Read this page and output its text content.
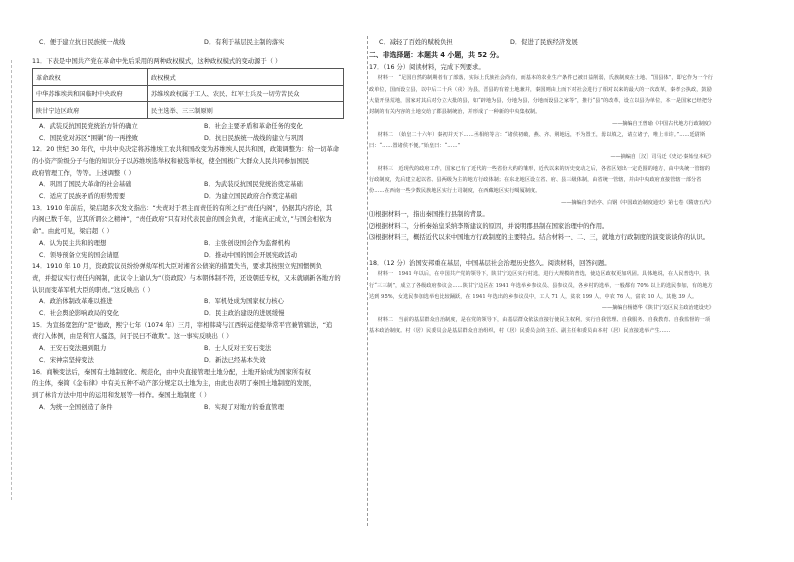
C．便于建立抗日民族统一战线	D．有利于基层民主制的落实
11．下表是中国共产党在革命中先后采用的两种政权模式，这种政权模式的变动源于（ ）
革命政权	政权模式
中华苏维埃共和国临时中央政府	苏维埃政权属于工人、农民、红军士兵及一切劳苦民众
陕甘宁边区政府	民主选举、三三制原则
A．武装反抗国民党统治方针的确立	B．社会主要矛盾和革命任务的变化
C．国民党对苏区“围剿”的一再挫败	D．抗日民族统一战线的建立与巩固
12．20 世纪 30 年代，中共中央决定将苏维埃工农共和国改变为苏维埃人民共和国，政策调整为：给一切革命
的小资产阶级分子与他的知识分子以苏维埃选举权和被选举权，使全国极广大群众人民共同参加国民
政府管理工作，等等。上述调整（ ）
A．巩固了国民大革命的社会基础	B．为武装反抗国民党统治奠定基础
C．适应了民族矛盾的形势需要	D．为建立国民政府合作奠定基础
13．1910 年前后，梁启超多次发文指出：“夫责对于君主而责任的有所之归”责任内阁”，仍据其内容论，其
内阁已数千年，岂其所谓公之精神”，“责任政府”只有对代表民意的国会负责，才能真正成立，”与国会相依为
命”。由此可见，梁启超（ ）
A．认为民主共和的理想	B．主张创设国会作为监督机构
C．领导预备立宪的国会请愿	D．推动中国的国会开展宪政活动
14．1910 年 10 月，资政院议员纷纷弹劾军机大臣对湘省公债案的措置失当，要求其按照立宪国惯例负
责，并提议实行责任内阁制，此议令上谕认为“（资政院）与本朝体制不符，还设朝廷专权，又未就刷新各地方的
认识而变革军机大臣的职责。”这反映出（ ）
A．政治体制改革难以推进	B．军机处成为国家权力核心
C．社会舆论影响政局的变化	D．民主政治建设的进展缓慢
15．为宣扬宽恕的“是”德政，熙宁七年（1074 年）三月，宰相韩琦与江西转运使提举常平官兼管辖法，“追
责行入体例，由是利官人骚怨，问于民曰不敢欺”。这一事实反映出（ ）
A．王安石变法遇到阻力	B．士人反对王安石变法
C．宋神宗坚持变法	D．新法已经基本失效
16．商鞅变法后，秦国有土地制度化、规范化，由中央直接管理土地分配，土地开始成为国家所有权
的主体，秦简《金布律》中有关五种不动产部分规定以土地为主，由此也表明了秦国土地制度的发展，
到了林肯方法中用中的运用和发展等一样作。秦国土地制度（ ）
A．为统一全国创造了条件	B．实现了对地方的垂直管理
C．减轻了百姓的赋税负担	D．促进了民族经济发展
二、非选择题：本题共 4 小题，共 52 分。
17．（16 分）阅读材料，完成下列要求。
材料一　“足国自然的制期者有了部落，实际上氏族社会尚有，而基本的农业生产条件已被日益削弱，氏族制度在土地、“国县体”，即它作为一个行政单位，国而设立县，以中后二十兵（戎）为县，晋县的有着土地兼并，秦国则由上而下对社会进行了相对以来的最大的一次改革，秦孝公执政，鼓励大量开垦荒地，国家对其后对分立大批的县，如“辟地为县，分地为县，分地而设县之家等”，推行“县”的改革，设立以县为单位，本一是国家已经把分封制的有关内容的土地交给了郡县制统治，并形成了一种新的中央集权制。
——摘编自王曾瑜《中国古代地方行政制度》
材料二　（始皇二十六年）秦初并天下……丞相绾等言：“诸侯初破，燕、齐、荆地远，不为置王，毋以填之，请立诸子，唯上幸许。”……廷尉斯曰：“……置诸侯不便。”始皇曰：“……”
——摘编自［汉］司马迁《史记·秦始皇本纪》
材料三　近现代的政府工作，国家已有了近代的一些省份大约的雏形，近代以来的历史变动之后，各省区划出一定范围的地方，由中央统一管辖的行政制度，先后建立起以省、县两级为主的地方行政体制；在东北地区设立省、府、县三级体制，由省统一管辖，并由中央政府直接管辖一部分省份……在西南一些少数民族地区实行土司制度，在西藏地区实行噶厦制度。
——摘编自李治亭、白钢《中国政治制度通史》第七卷《隋唐五代》
⑴根据材料一，指出秦国推行县制的背景。
⑵根据材料二，分析秦始皇采纳李斯建议的原因，并说明郡县制在国家治理中的作用。
⑶根据材料三，概括近代以来中国地方行政制度的主要特点。结合材料一、二、三，就地方行政制度的演变谈谈你的认识。
18．（12 分）治国安邦重在基层，中国基层社会治理历史悠久。阅读材料，回答问题。
材料一　1941 年以后，在中国共产党的领导下，陕甘宁边区实行村选，进行大规模的普选，使边区政权更加巩固。具体地说，在人民普选中，执行“三三制”，成立了各级政府参议会……陕甘宁边区在 1941 年选举乡参议员、县参议员，各乡村的选举，一般都有 70% 以上的选民参加，有的地方达到 95%，女选民参加选举也比较踊跃，在 1941 年选出的乡参议员中，工人 71 人，贫农 199 人，中农 76 人，富农 10 人，其他 39 人。
——摘编自杨德华《陕甘宁边区民主政治建设史》
材料二　当前的基层群众自治制度，是在党的领导下，由基层群众依法直接行使民主权利，实行自我管理、自我服务、自我教育、自我监督的一项基本政治制度。村（居）民委员会是基层群众自治组织，村（居）民委员会的主任、副主任和委员由本村（居）民直接选举产生……
